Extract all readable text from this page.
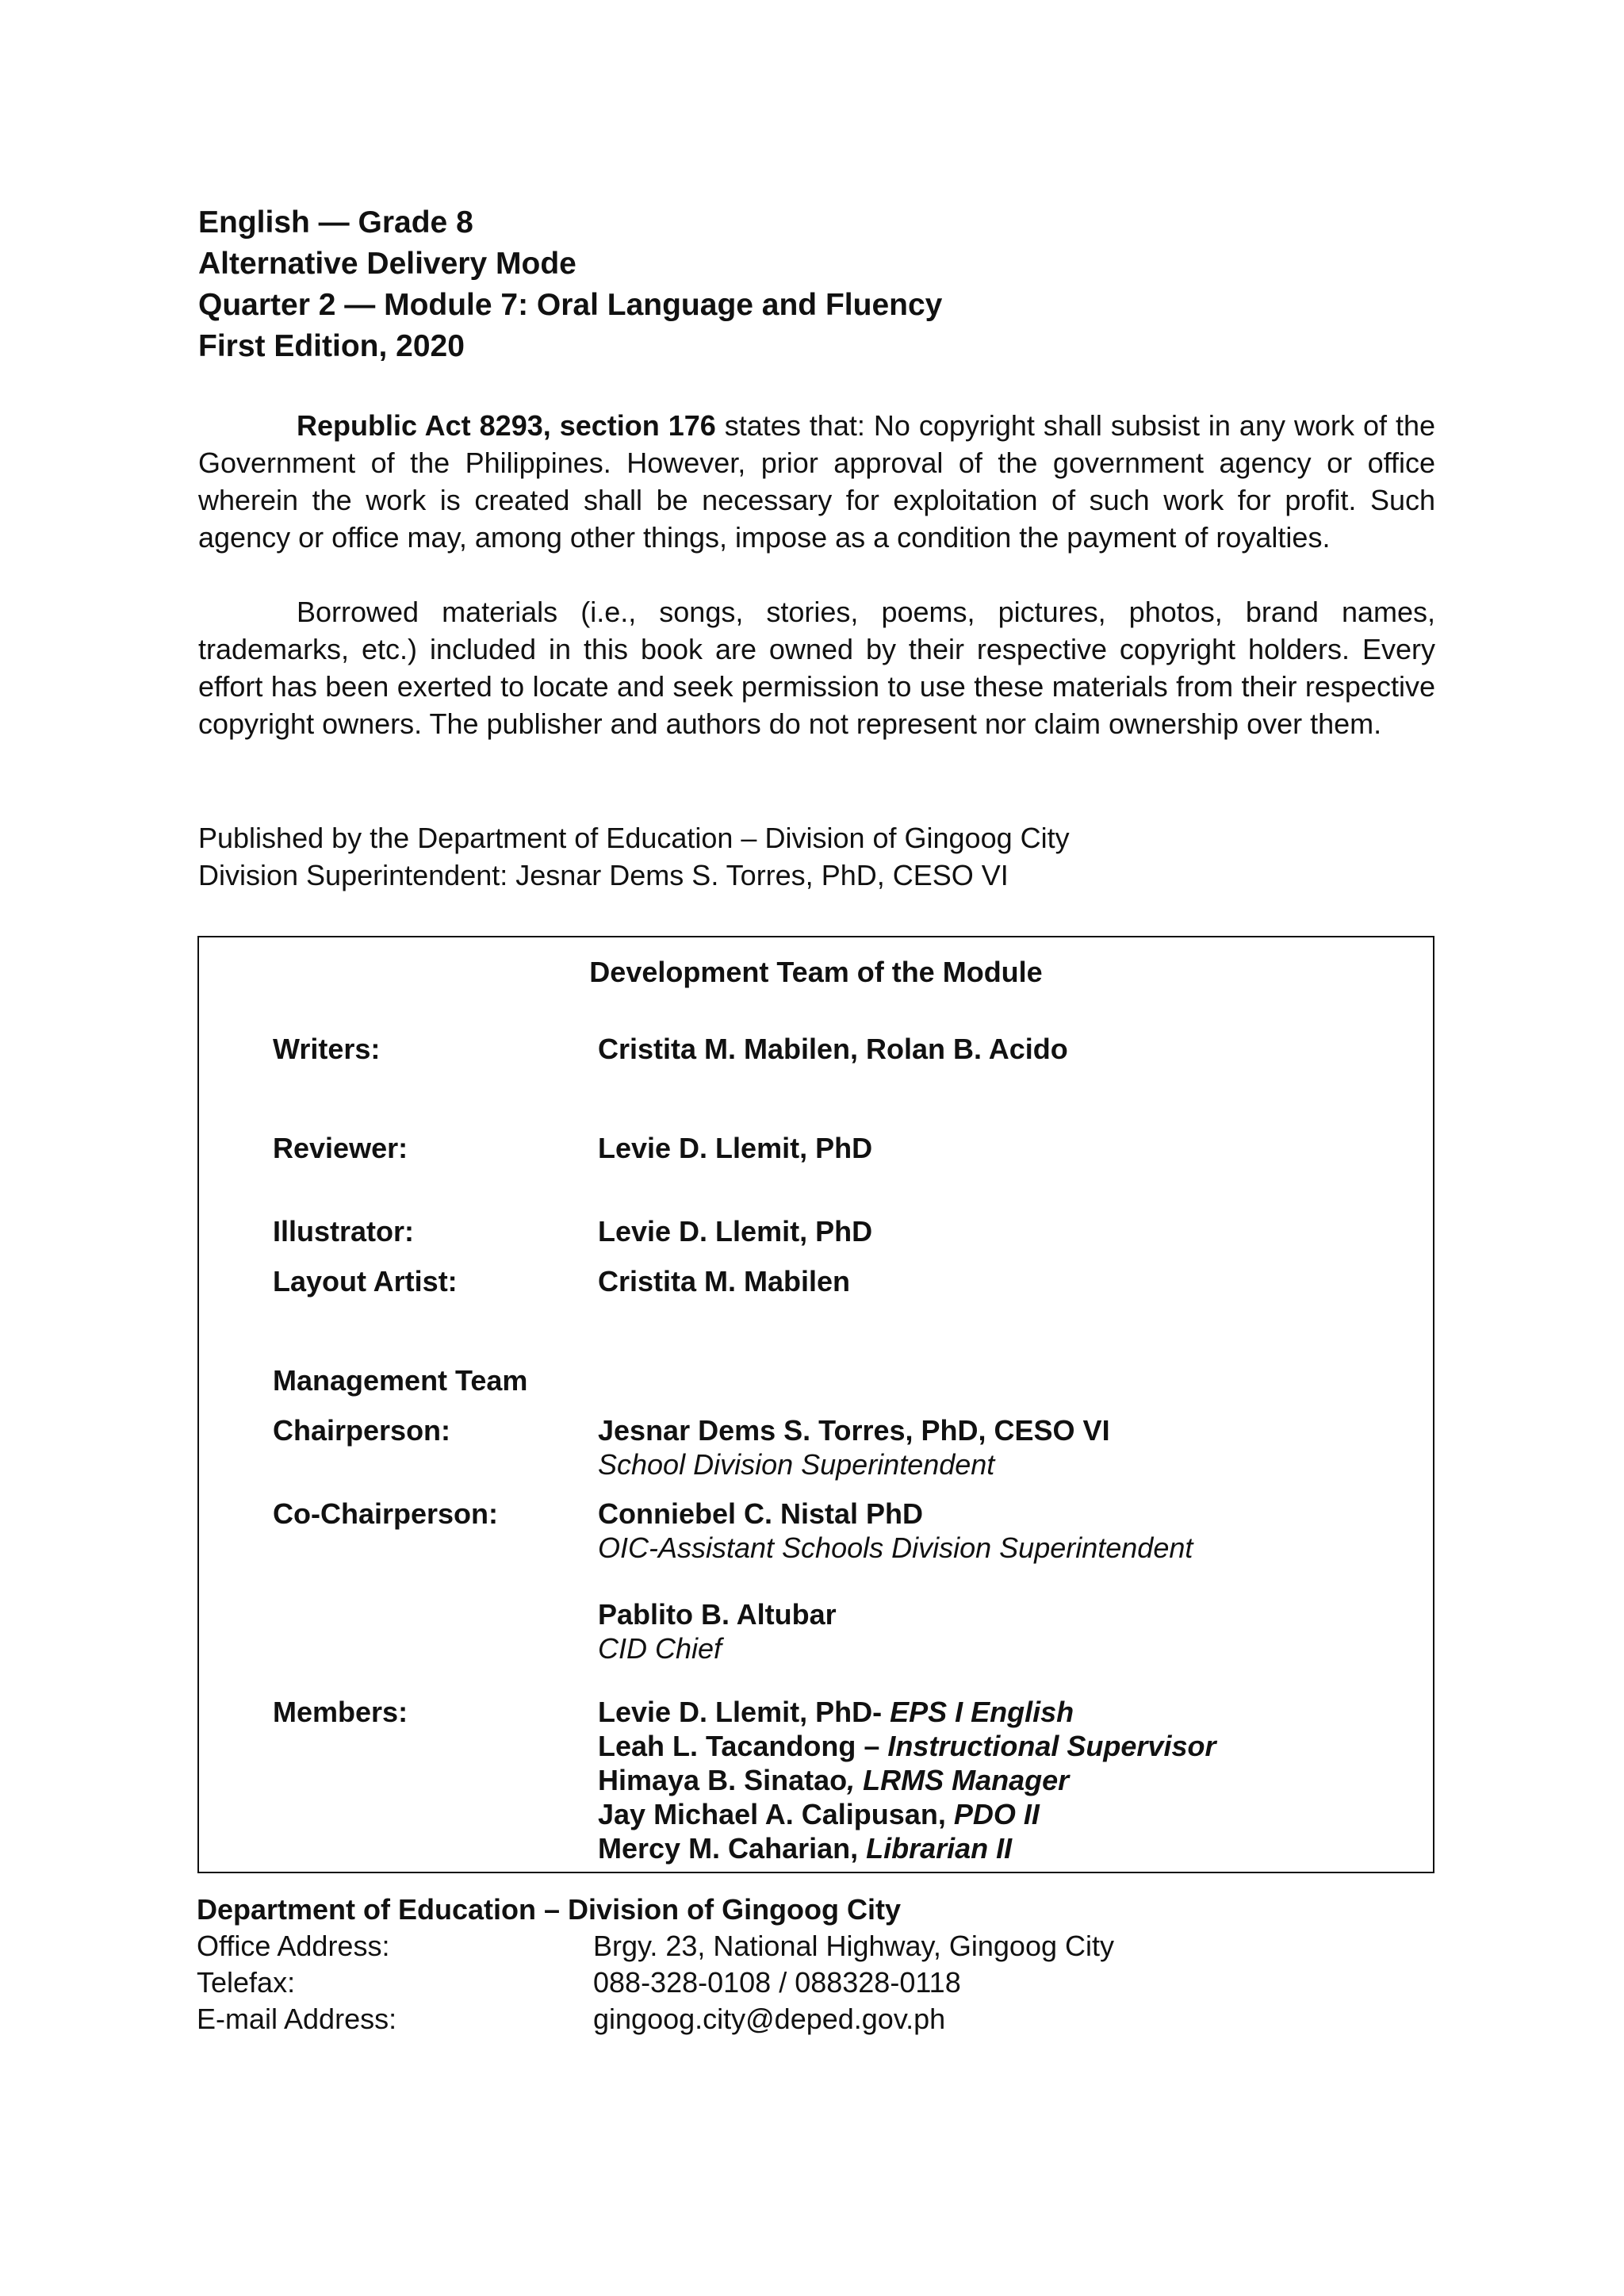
English — Grade 8
Alternative Delivery Mode
Quarter 2 — Module 7: Oral Language and Fluency
First Edition, 2020
Republic Act 8293, section 176 states that: No copyright shall subsist in any work of the Government of the Philippines. However, prior approval of the government agency or office wherein the work is created shall be necessary for exploitation of such work for profit. Such agency or office may, among other things, impose as a condition the payment of royalties.
Borrowed materials (i.e., songs, stories, poems, pictures, photos, brand names, trademarks, etc.) included in this book are owned by their respective copyright holders. Every effort has been exerted to locate and seek permission to use these materials from their respective copyright owners. The publisher and authors do not represent nor claim ownership over them.
Published by the Department of Education – Division of Gingoog City
Division Superintendent: Jesnar Dems S. Torres, PhD, CESO VI
Development Team of the Module
Writers:	Cristita M. Mabilen, Rolan B. Acido
Reviewer:	Levie D. Llemit, PhD
Illustrator:	Levie D. Llemit, PhD
Layout Artist:	Cristita M. Mabilen
Management Team
Chairperson:	Jesnar Dems S. Torres, PhD, CESO VI
School Division Superintendent
Co-Chairperson:	Conniebel C. Nistal PhD
OIC-Assistant Schools Division Superintendent
Pablito B. Altubar
CID Chief
Members:	Levie D. Llemit, PhD- EPS I English
Leah L. Tacandong – Instructional Supervisor
Himaya B. Sinatao, LRMS Manager
Jay Michael A. Calipusan, PDO II
Mercy M. Caharian, Librarian II
Department of Education – Division of Gingoog City
Office Address:	Brgy. 23, National Highway, Gingoog City
Telefax:	088-328-0108 / 088328-0118
E-mail Address:	gingoog.city@deped.gov.ph
